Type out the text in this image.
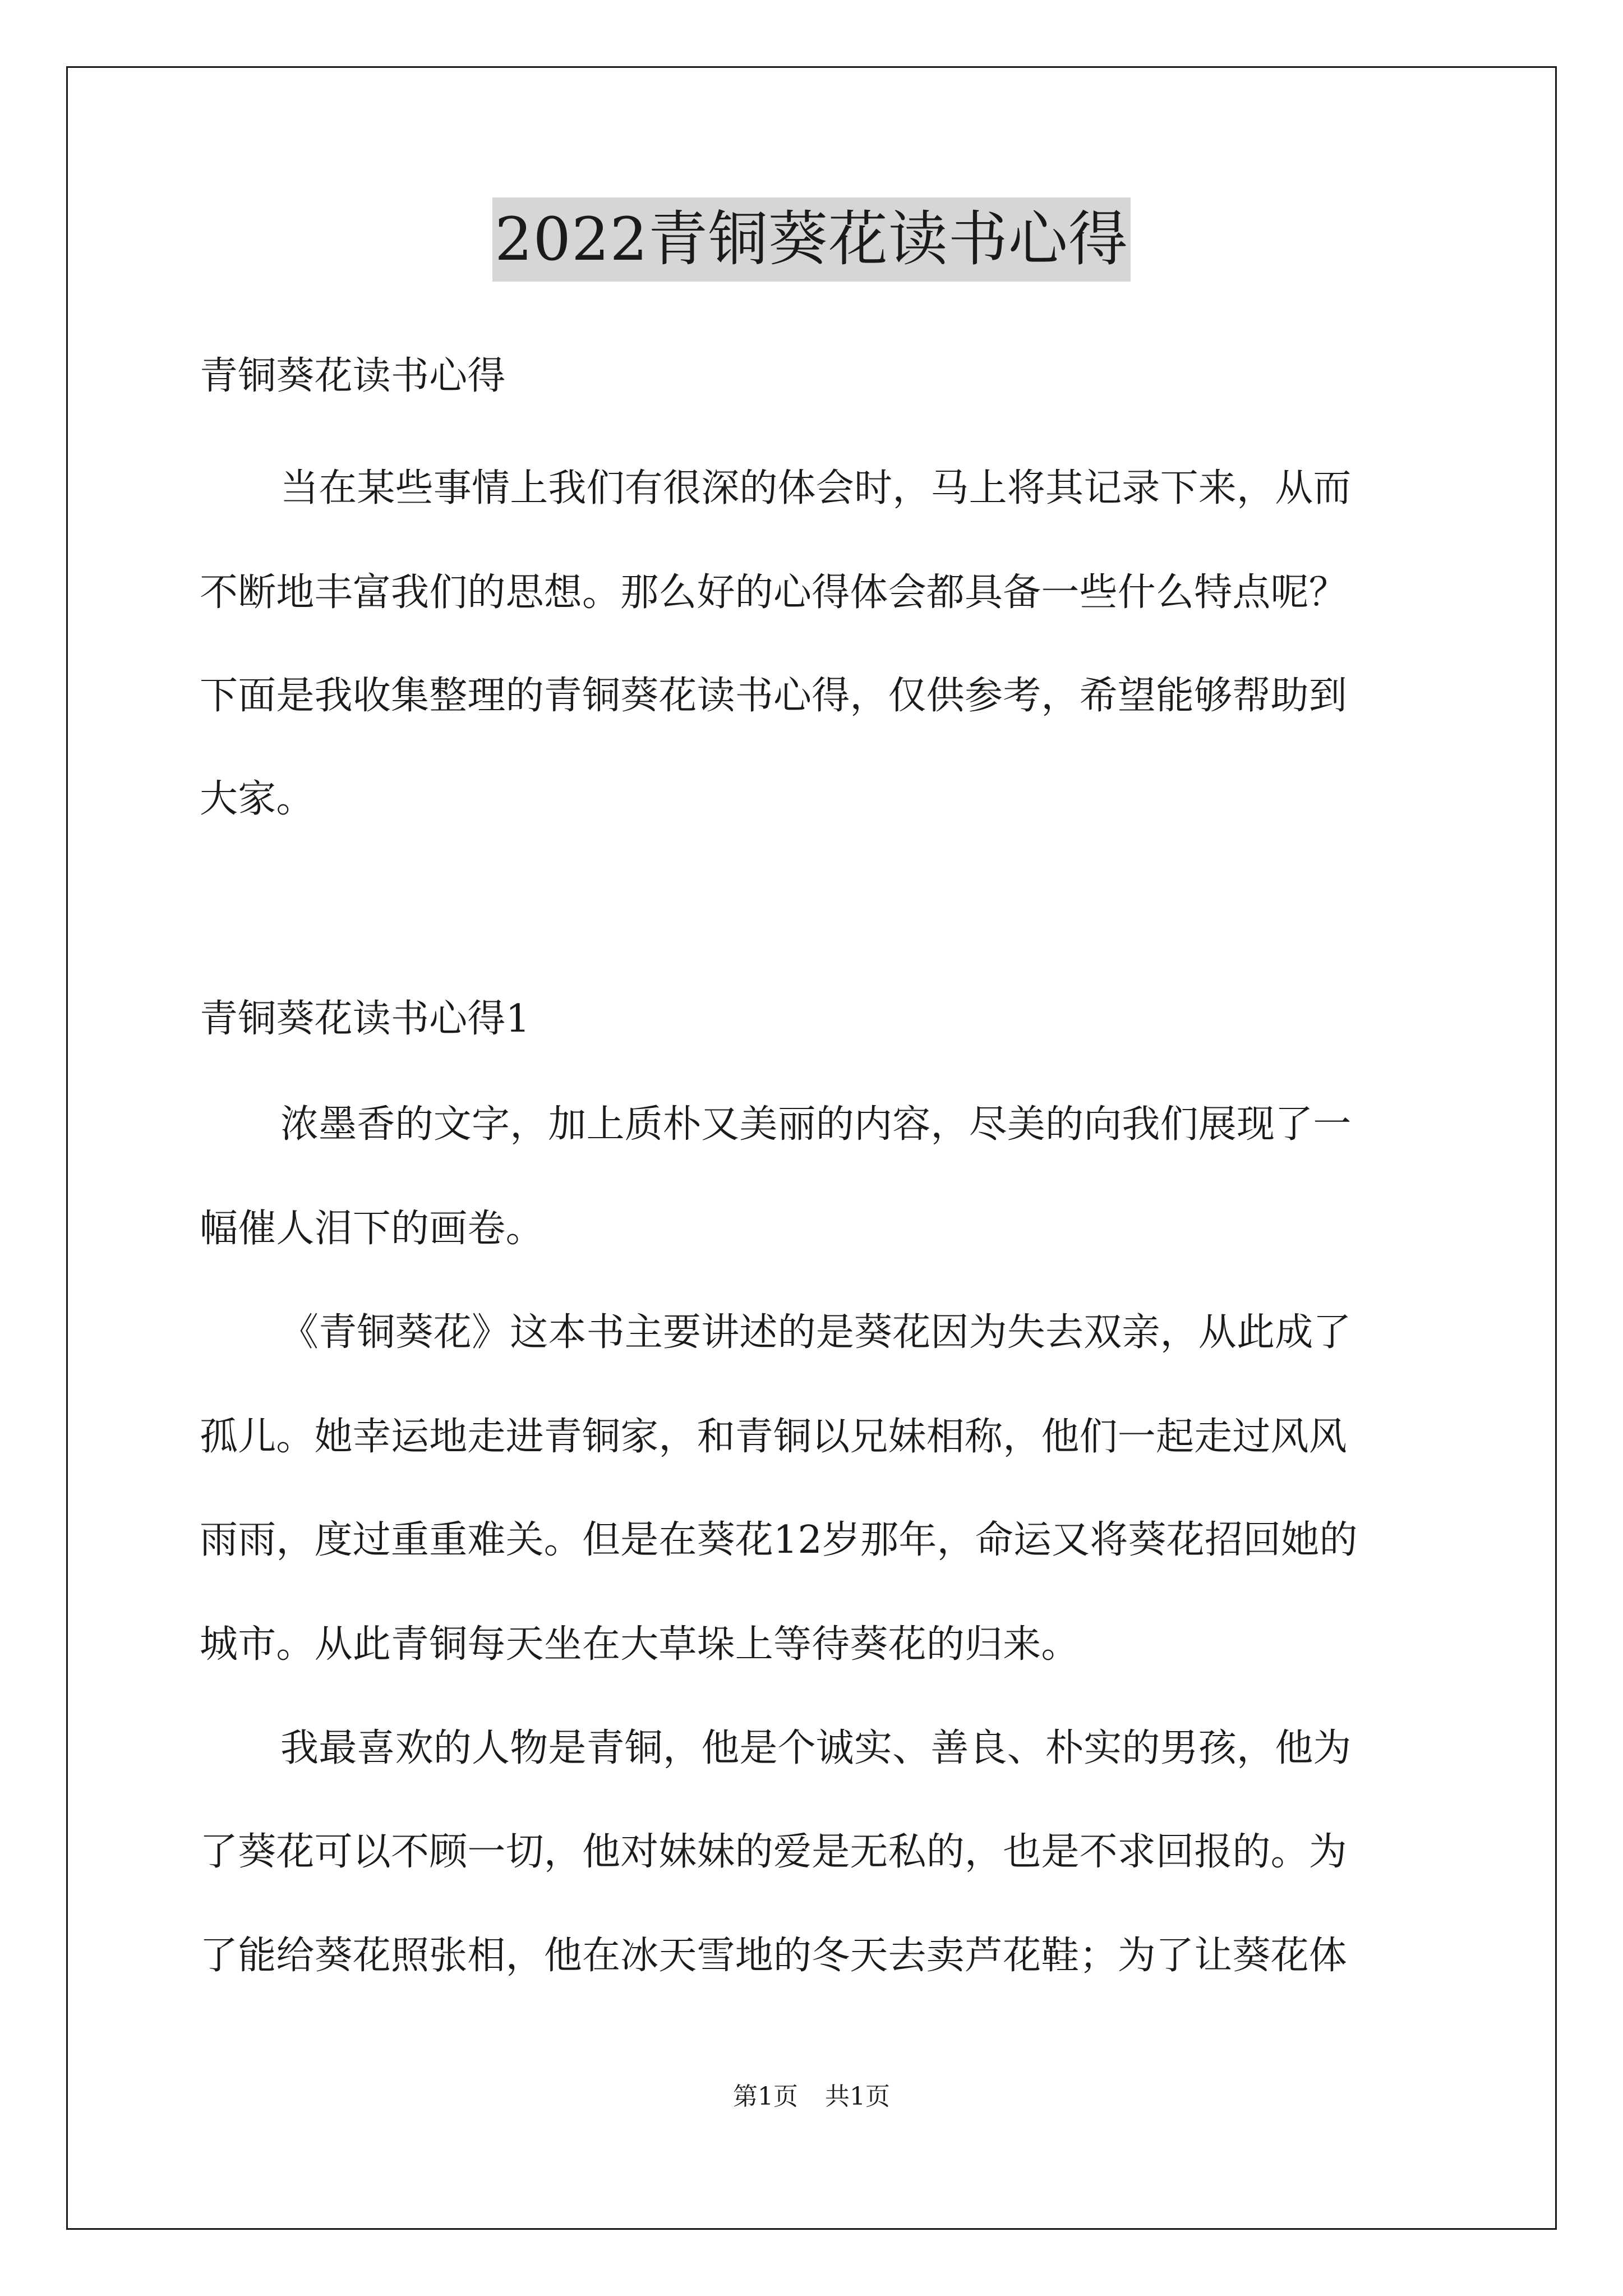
2022青铜葵花读书心得
青铜葵花读书心得
当在某些事情上我们有很深的体会时，马上将其记录下来，从而
不断地丰富我们的思想。那么好的心得体会都具备一些什么特点呢？
下面是我收集整理的青铜葵花读书心得，仅供参考，希望能够帮助到
大家。
青铜葵花读书心得1
浓墨香的文字，加上质朴又美丽的内容，尽美的向我们展现了一
幅催人泪下的画卷。
《青铜葵花》这本书主要讲述的是葵花因为失去双亲，从此成了
孤儿。她幸运地走进青铜家，和青铜以兄妹相称，他们一起走过风风
雨雨，度过重重难关。但是在葵花12岁那年，命运又将葵花招回她的
城市。从此青铜每天坐在大草垛上等待葵花的归来。
我最喜欢的人物是青铜，他是个诚实、善良、朴实的男孩，他为
了葵花可以不顾一切，他对妹妹的爱是无私的，也是不求回报的。为
了能给葵花照张相，他在冰天雪地的冬天去卖芦花鞋；为了让葵花体
第1页 共1页
